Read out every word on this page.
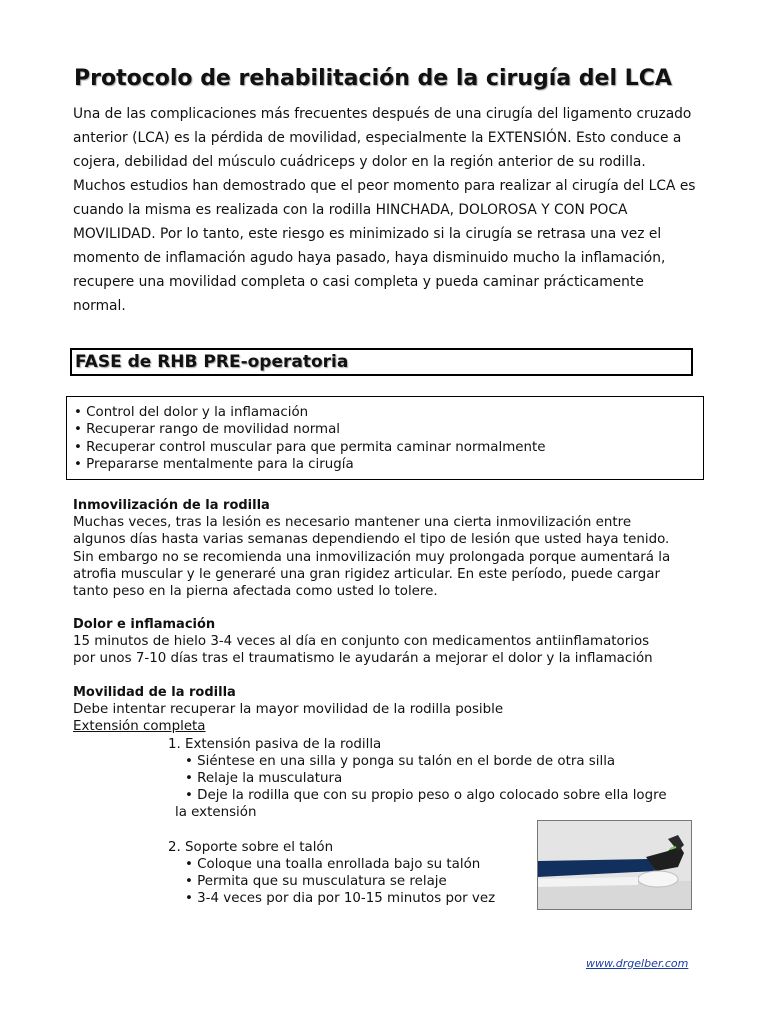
Protocolo de rehabilitación de la cirugía del LCA
Una de las complicaciones más frecuentes después de una cirugía del ligamento cruzado
anterior (LCA) es la pérdida de movilidad, especialmente la EXTENSIÓN. Esto conduce a
cojera, debilidad del músculo cuádriceps y dolor en la región anterior de su rodilla.
Muchos estudios han demostrado que el peor momento para realizar al cirugía del LCA es
cuando la misma es realizada con la rodilla HINCHADA, DOLOROSA Y CON POCA
MOVILIDAD. Por lo tanto, este riesgo es minimizado si la cirugía se retrasa una vez el
momento de inflamación agudo haya pasado, haya disminuido mucho la inflamación,
recupere una movilidad completa o casi completa y pueda caminar prácticamente
normal.
FASE de RHB PRE-operatoria
• Control del dolor y la inflamación
• Recuperar rango de movilidad normal
• Recuperar control muscular para que permita caminar normalmente
• Prepararse mentalmente para la cirugía
Inmovilización de la rodilla
Muchas veces, tras la lesión es necesario mantener una cierta inmovilización entre
algunos días hasta varias semanas dependiendo el tipo de lesión que usted haya tenido.
Sin embargo no se recomienda una inmovilización muy prolongada porque aumentará la
atrofia muscular y le generaré una gran rigidez articular. En este período, puede cargar
tanto peso en la pierna afectada como usted lo tolere.
Dolor e inflamación
15 minutos de hielo 3-4 veces al día en conjunto con medicamentos antiinflamatorios
por unos 7-10 días tras el traumatismo le ayudarán a mejorar el dolor y la inflamación
Movilidad de la rodilla
Debe intentar recuperar la mayor movilidad de la rodilla posible
Extensión completa
1. Extensión pasiva de la rodilla
• Siéntese en una silla y ponga su talón en el borde de otra silla
• Relaje la musculatura
• Deje la rodilla que con su propio peso o algo colocado sobre ella logre
la extensión

2. Soporte sobre el talón
• Coloque una toalla enrollada bajo su talón
• Permita que su musculatura se relaje
• 3-4 veces por dia por 10-15 minutos por vez
www.drgelber.com
